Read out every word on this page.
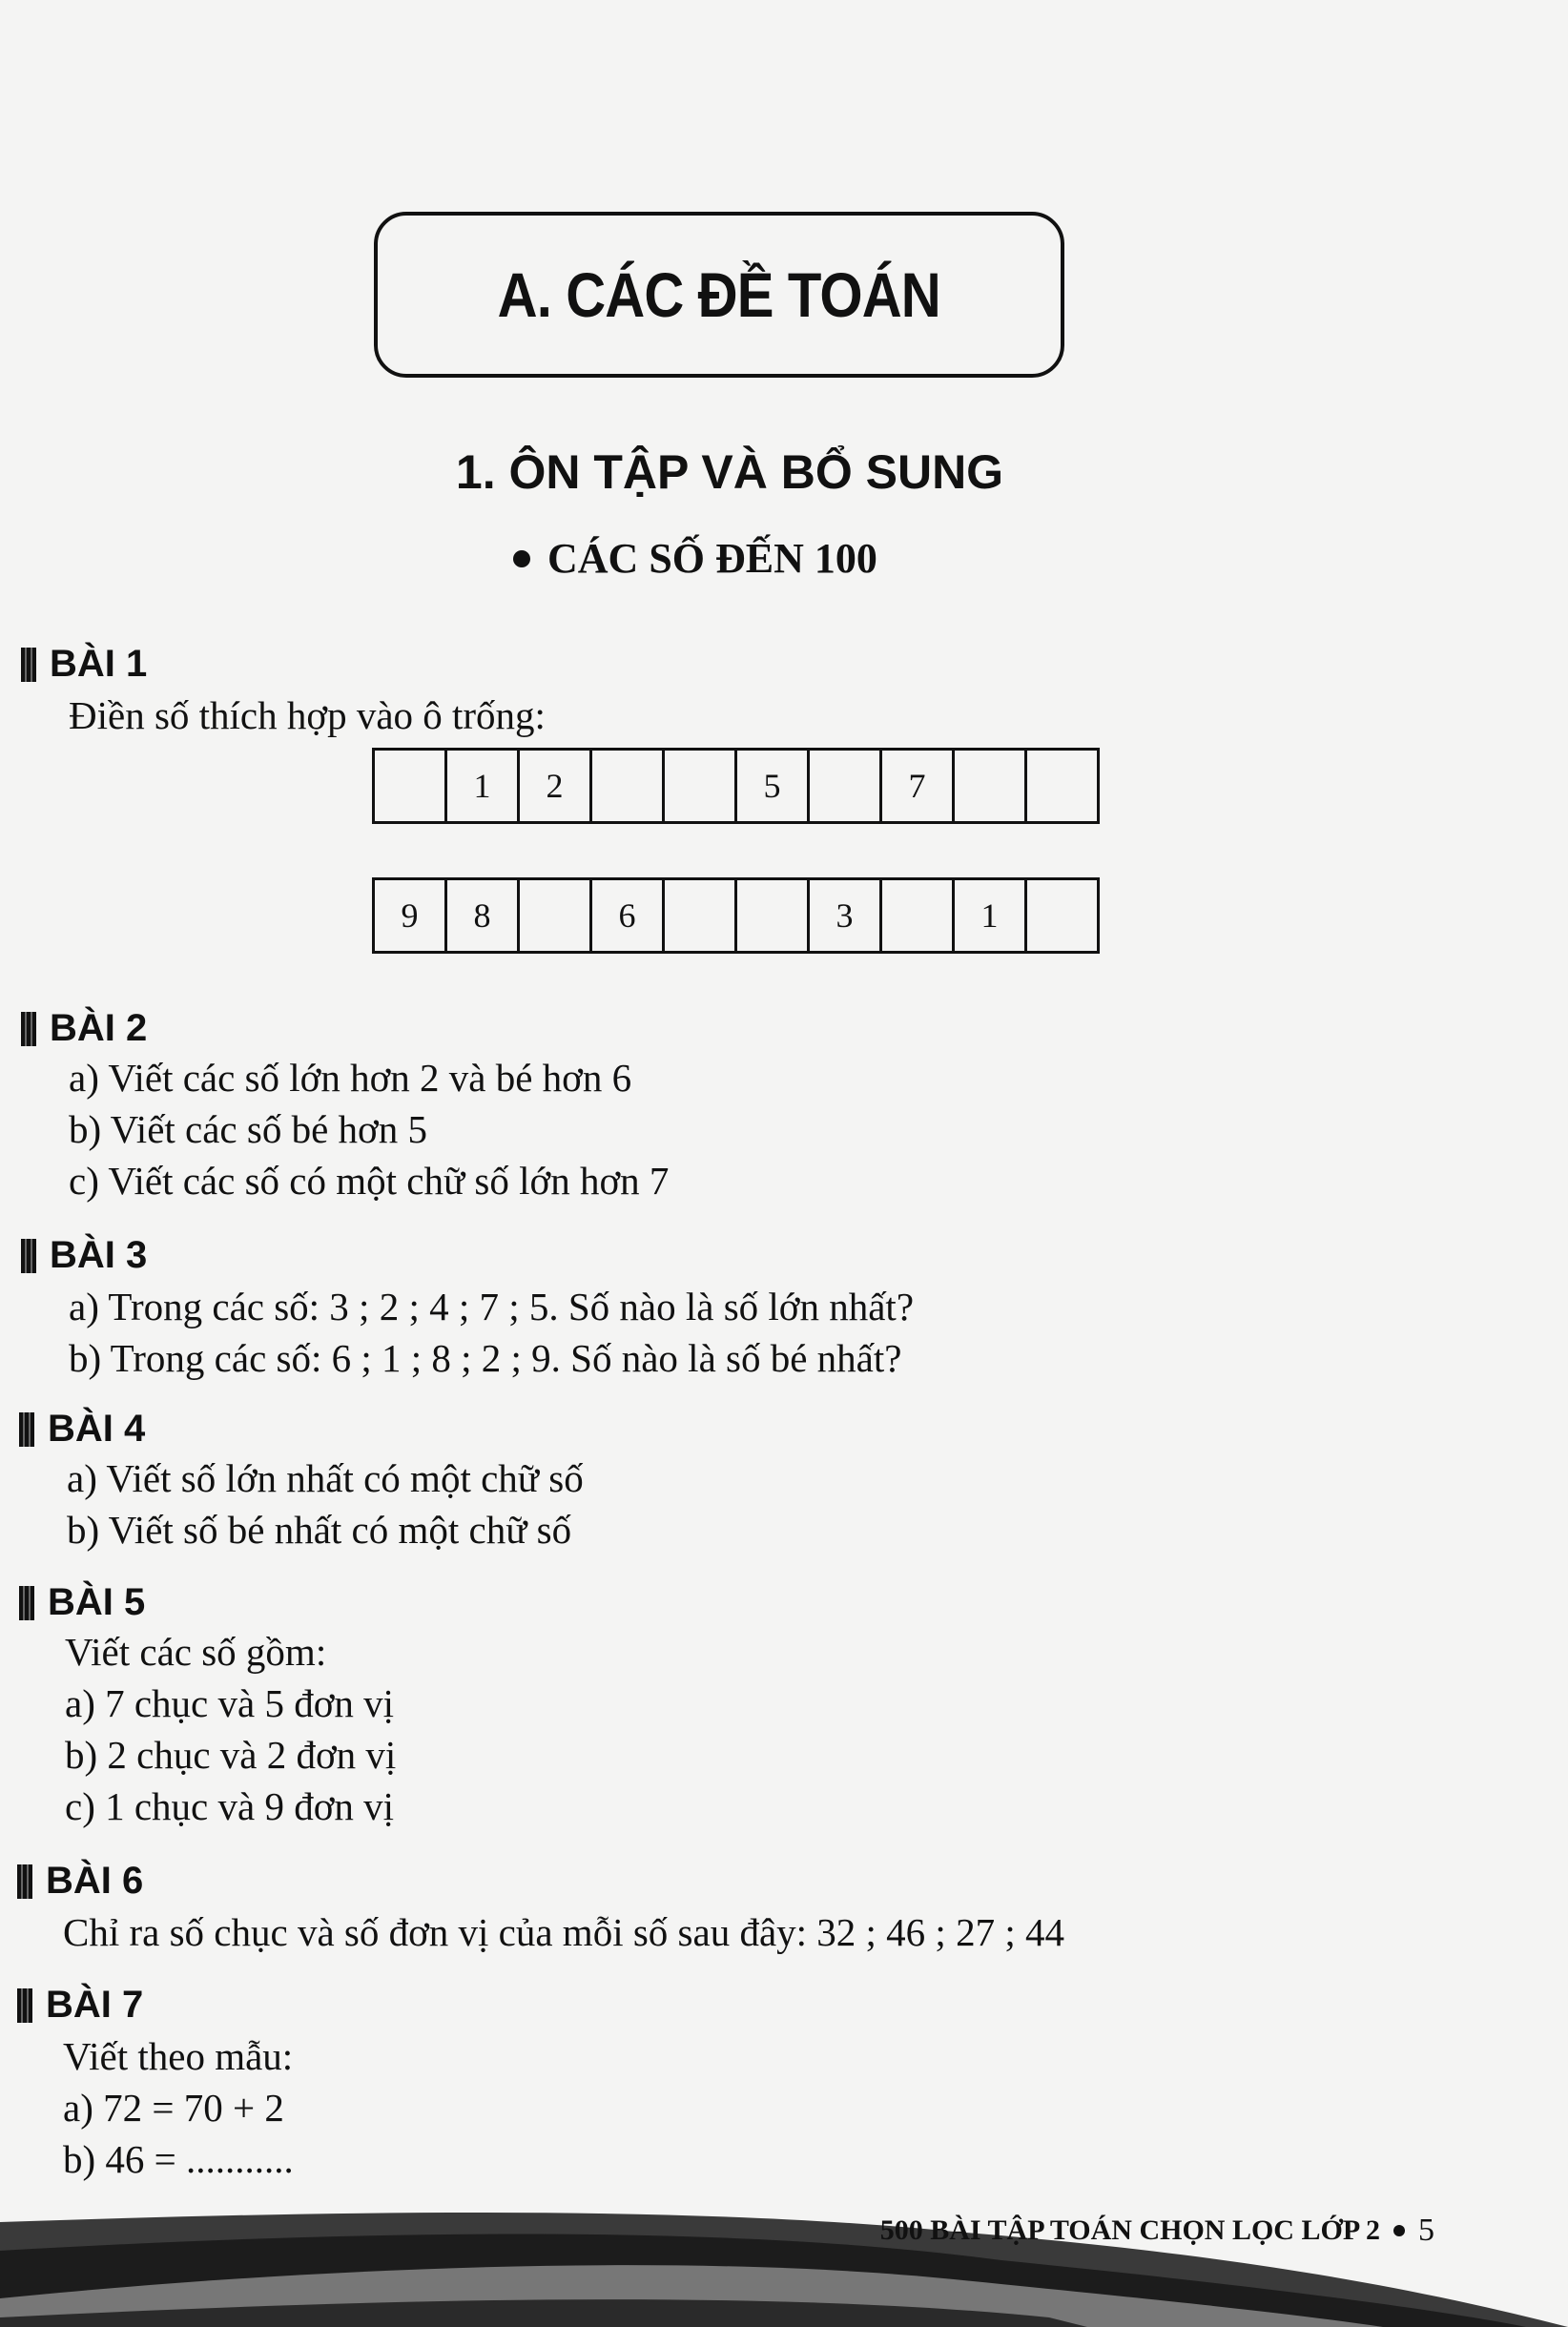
A. CÁC ĐỀ TOÁN
1. ÔN TẬP VÀ BỔ SUNG
CÁC SỐ ĐẾN 100
BÀI 1
Điền số thích hợp vào ô trống:
1	2	5	7
9	8	6	3	1
BÀI 2
a) Viết các số lớn hơn 2 và bé hơn 6
b) Viết các số bé hơn 5
c) Viết các số có một chữ số lớn hơn 7
BÀI 3
a) Trong các số: 3 ; 2 ; 4 ; 7 ; 5. Số nào là số lớn nhất?
b) Trong các số: 6 ; 1 ; 8 ; 2 ; 9. Số nào là số bé nhất?
BÀI 4
a) Viết số lớn nhất có một chữ số
b) Viết số bé nhất có một chữ số
BÀI 5
Viết các số gồm:
a) 7 chục và 5 đơn vị
b) 2 chục và 2 đơn vị
c) 1 chục và 9 đơn vị
BÀI 6
Chỉ ra số chục và số đơn vị của mỗi số sau đây: 32 ; 46 ; 27 ; 44
BÀI 7
Viết theo mẫu:
a) 72 = 70 + 2
b) 46 = ...........
500 BÀI TẬP TOÁN CHỌN LỌC LỚP 2 5
